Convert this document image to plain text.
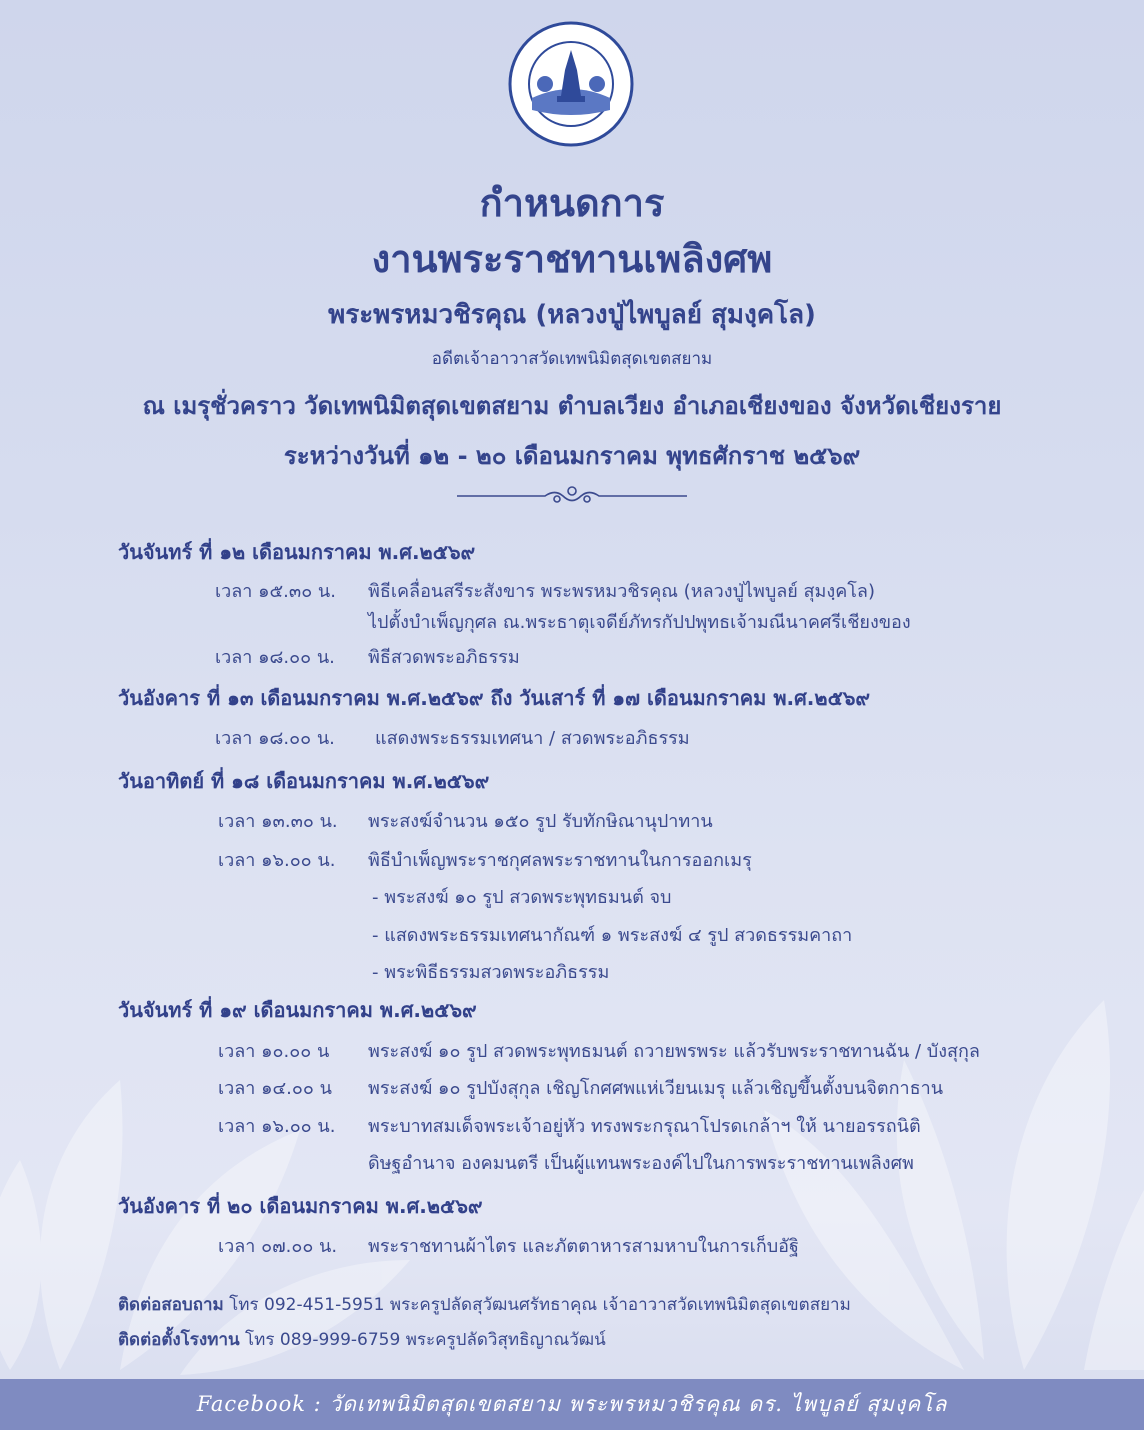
กำหนดการ
งานพระราชทานเพลิงศพ
พระพรหมวชิรคุณ (หลวงปู่ไพบูลย์ สุมงฺคโล)
อดีตเจ้าอาวาสวัดเทพนิมิตสุดเขตสยาม
ณ เมรุชั่วคราว วัดเทพนิมิตสุดเขตสยาม ตำบลเวียง อำเภอเชียงของ จังหวัดเชียงราย
ระหว่างวันที่ ๑๒ - ๒๐ เดือนมกราคม พุทธศักราช ๒๕๖๙
วันจันทร์ ที่ ๑๒ เดือนมกราคม พ.ศ.๒๕๖๙
เวลา ๑๕.๓๐ น. พิธีเคลื่อนสรีระสังขาร พระพรหมวชิรคุณ (หลวงปู่ไพบูลย์ สุมงฺคโล)
ไปตั้งบำเพ็ญกุศล ณ.พระธาตุเจดีย์ภัทรกัปปพุทธเจ้ามณีนาคศรีเชียงของ
เวลา ๑๘.๐๐ น. พิธีสวดพระอภิธรรม
วันอังคาร ที่ ๑๓ เดือนมกราคม พ.ศ.๒๕๖๙ ถึง วันเสาร์ ที่ ๑๗ เดือนมกราคม พ.ศ.๒๕๖๙
เวลา ๑๘.๐๐ น. แสดงพระธรรมเทศนา / สวดพระอภิธรรม
วันอาทิตย์ ที่ ๑๘ เดือนมกราคม พ.ศ.๒๕๖๙
เวลา ๑๓.๓๐ น. พระสงฆ์จำนวน ๑๕๐ รูป รับทักษิณานุปาทาน
เวลา ๑๖.๐๐ น. พิธีบำเพ็ญพระราชกุศลพระราชทานในการออกเมรุ
- พระสงฆ์ ๑๐ รูป สวดพระพุทธมนต์ จบ
- แสดงพระธรรมเทศนากัณฑ์ ๑ พระสงฆ์ ๔ รูป สวดธรรมคาถา
- พระพิธีธรรมสวดพระอภิธรรม
วันจันทร์ ที่ ๑๙ เดือนมกราคม พ.ศ.๒๕๖๙
เวลา ๑๐.๐๐ น พระสงฆ์ ๑๐ รูป สวดพระพุทธมนต์ ถวายพรพระ แล้วรับพระราชทานฉัน / บังสุกุล
เวลา ๑๔.๐๐ น พระสงฆ์ ๑๐ รูปบังสุกุล เชิญโกศศพแห่เวียนเมรุ แล้วเชิญขึ้นตั้งบนจิตกาธาน
เวลา ๑๖.๐๐ น. พระบาทสมเด็จพระเจ้าอยู่หัว ทรงพระกรุณาโปรดเกล้าฯ ให้ นายอรรถนิติ
ดิษฐอำนาจ องคมนตรี เป็นผู้แทนพระองค์ไปในการพระราชทานเพลิงศพ
วันอังคาร ที่ ๒๐ เดือนมกราคม พ.ศ.๒๕๖๙
เวลา ๐๗.๐๐ น. พระราชทานผ้าไตร และภัตตาหารสามหาบในการเก็บอัฐิ
ติดต่อสอบถาม โทร 092-451-5951 พระครูปลัดสุวัฒนศรัทธาคุณ เจ้าอาวาสวัดเทพนิมิตสุดเขตสยาม
ติดต่อตั้งโรงทาน โทร 089-999-6759 พระครูปลัดวิสุทธิญาณวัฒน์
Facebook : วัดเทพนิมิตสุดเขตสยาม พระพรหมวชิรคุณ ดร. ไพบูลย์ สุมงฺคโล
